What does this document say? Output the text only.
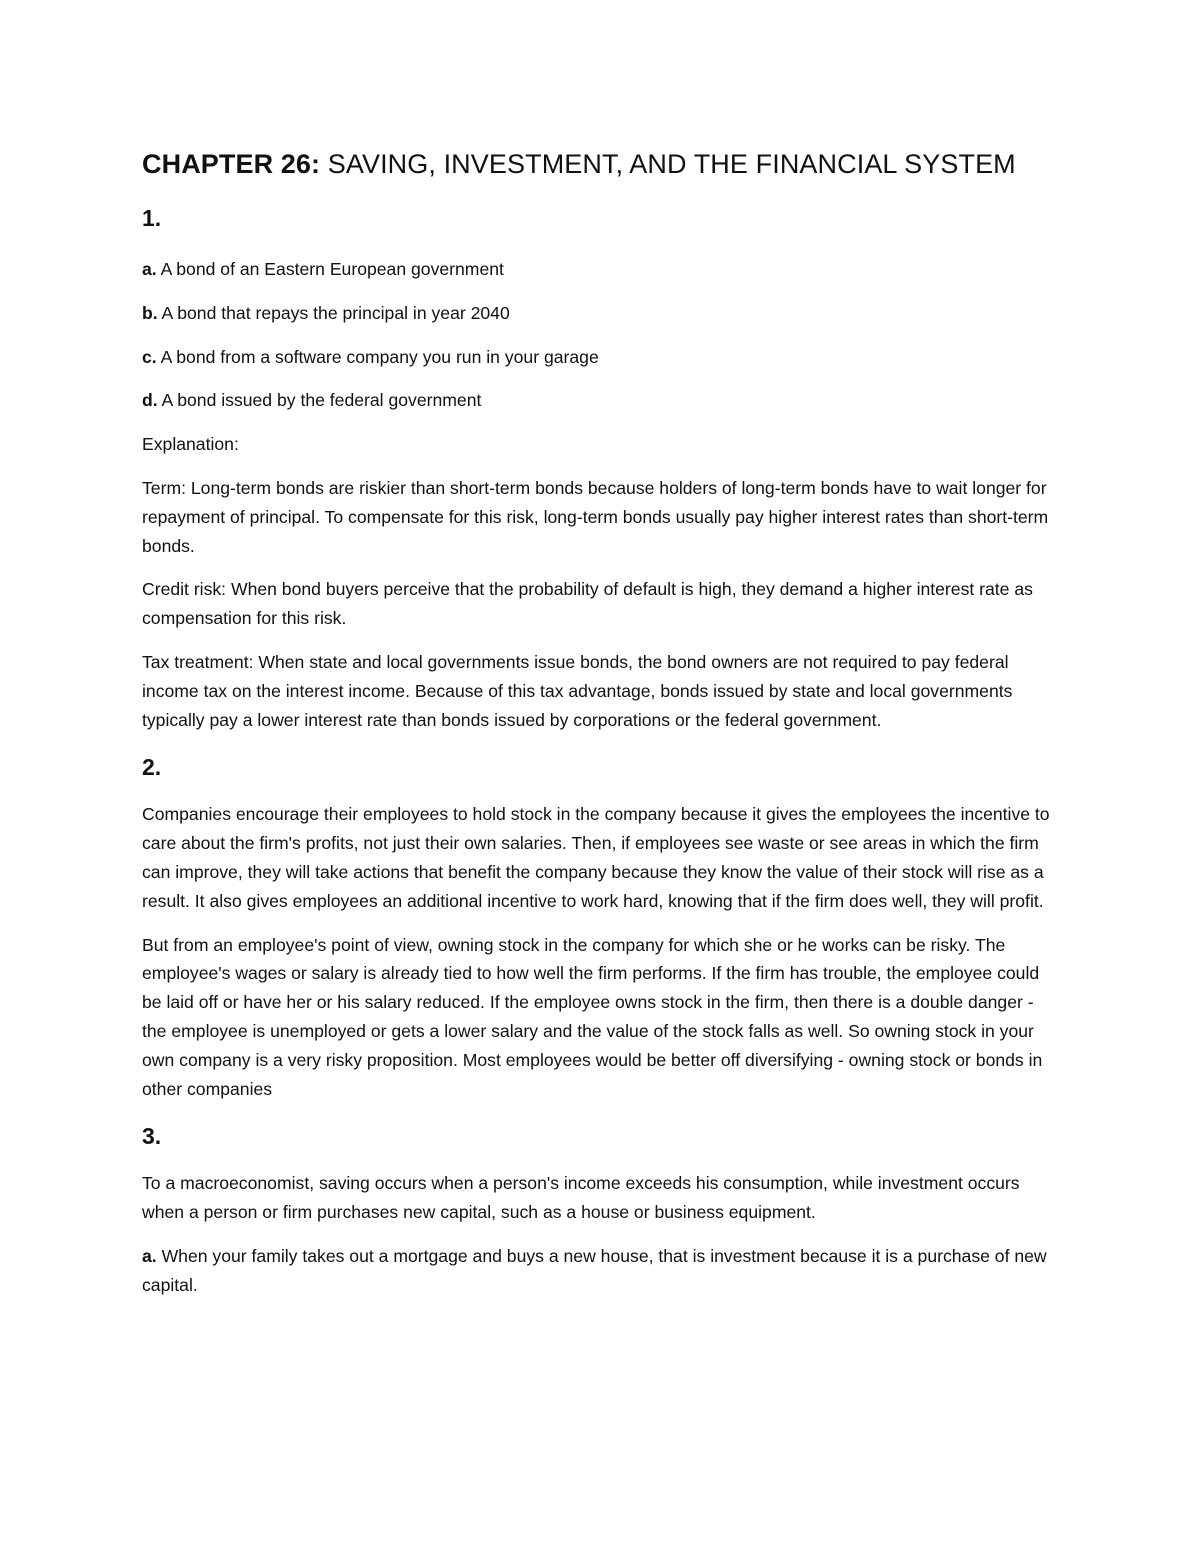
CHAPTER 26: SAVING, INVESTMENT, AND THE FINANCIAL SYSTEM
1.

a. A bond of an Eastern European government

b. A bond that repays the principal in year 2040

c. A bond from a software company you run in your garage

d. A bond issued by the federal government

Explanation:

Term: Long-term bonds are riskier than short-term bonds because holders of long-term bonds have to wait longer for repayment of principal. To compensate for this risk, long-term bonds usually pay higher interest rates than short-term bonds.

Credit risk: When bond buyers perceive that the probability of default is high, they demand a higher interest rate as compensation for this risk.

Tax treatment: When state and local governments issue bonds, the bond owners are not required to pay federal income tax on the interest income. Because of this tax advantage, bonds issued by state and local governments typically pay a lower interest rate than bonds issued by corporations or the federal government.

2.

Companies encourage their employees to hold stock in the company because it gives the employees the incentive to care about the firm's profits, not just their own salaries. Then, if employees see waste or see areas in which the firm can improve, they will take actions that benefit the company because they know the value of their stock will rise as a result. It also gives employees an additional incentive to work hard, knowing that if the firm does well, they will profit.

But from an employee's point of view, owning stock in the company for which she or he works can be risky. The employee's wages or salary is already tied to how well the firm performs. If the firm has trouble, the employee could be laid off or have her or his salary reduced. If the employee owns stock in the firm, then there is a double danger - the employee is unemployed or gets a lower salary and the value of the stock falls as well. So owning stock in your own company is a very risky proposition. Most employees would be better off diversifying - owning stock or bonds in other companies

3.

To a macroeconomist, saving occurs when a person's income exceeds his consumption, while investment occurs when a person or firm purchases new capital, such as a house or business equipment.

a. When your family takes out a mortgage and buys a new house, that is investment because it is a purchase of new capital.
